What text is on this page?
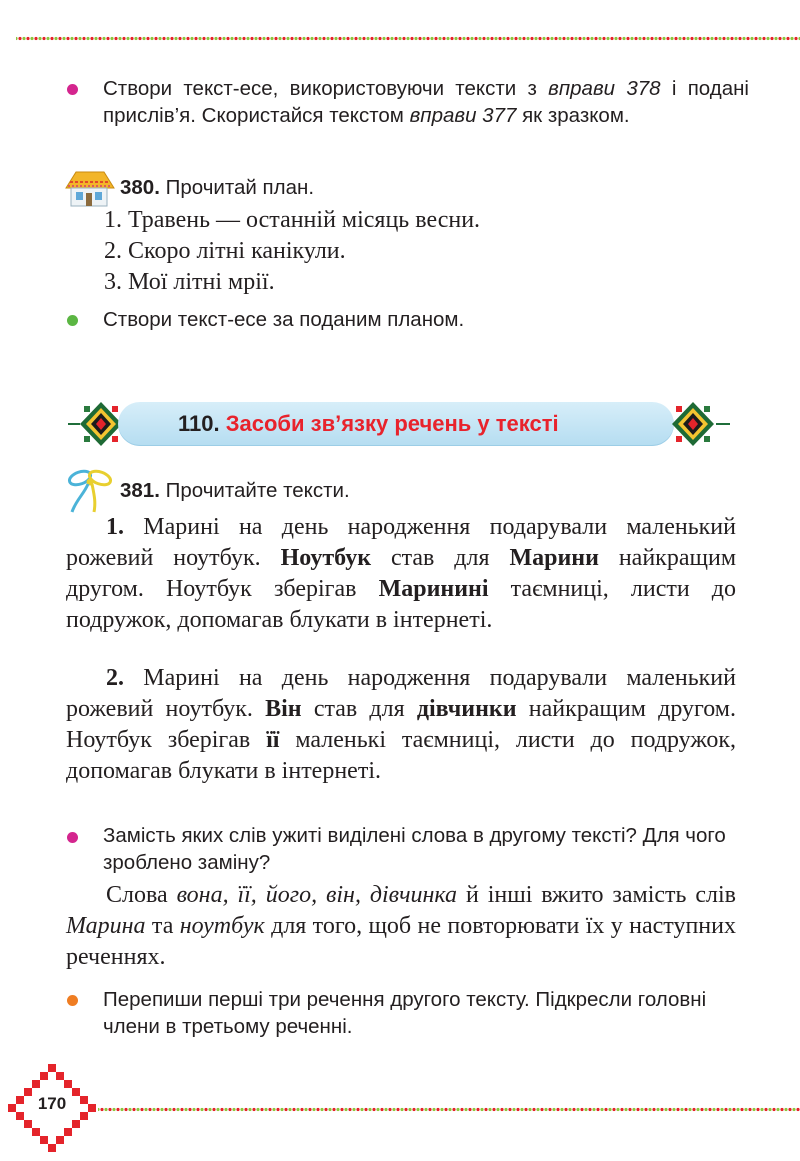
Створи текст-есе, використовуючи тексти з вправи 378 і подані прислів’я. Скористайся текстом вправи 377 як зразком.
380. Прочитай план.
1. Травень — останній місяць весни.
2. Скоро літні канікули.
3. Мої літні мрії.
Створи текст-есе за поданим планом.
110. Засоби зв’язку речень у тексті
381. Прочитайте тексти.
1. Марині на день народження подарували маленький рожевий ноутбук. Ноутбук став для Марини найкращим другом. Ноутбук зберігав Маринині таємниці, листи до подружок, допомагав блукати в інтернеті.
2. Марині на день народження подарували маленький рожевий ноутбук. Він став для дівчинки найкращим другом. Ноутбук зберігав її маленькі таємниці, листи до подружок, допомагав блукати в інтернеті.
Замість яких слів ужиті виділені слова в другому тексті? Для чого зроблено заміну?
Слова вона, її, його, він, дівчинка й інші вжито замість слів Марина та ноутбук для того, щоб не повторювати їх у наступних реченнях.
Перепиши перші три речення другого тексту. Підкресли головні члени в третьому реченні.
170
